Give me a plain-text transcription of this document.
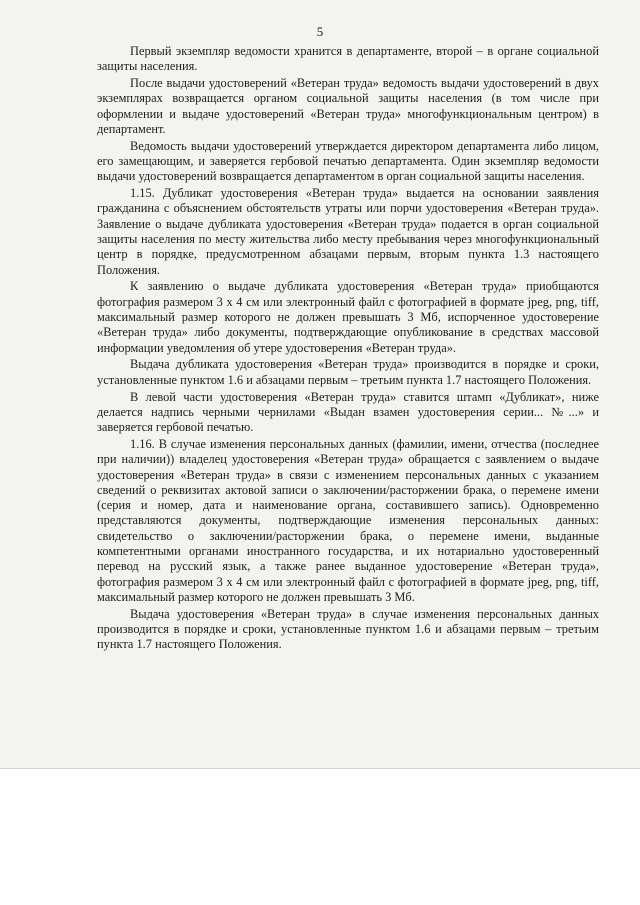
5

Первый экземпляр ведомости хранится в департаменте, второй – в органе социальной защиты населения.

После выдачи удостоверений «Ветеран труда» ведомость выдачи удостоверений в двух экземплярах возвращается органом социальной защиты населения (в том числе при оформлении и выдаче удостоверений «Ветеран труда» многофункциональным центром) в департамент.

Ведомость выдачи удостоверений утверждается директором департамента либо лицом, его замещающим, и заверяется гербовой печатью департамента. Один экземпляр ведомости выдачи удостоверений возвращается департаментом в орган социальной защиты населения.

1.15. Дубликат удостоверения «Ветеран труда» выдается на основании заявления гражданина с объяснением обстоятельств утраты или порчи удостоверения «Ветеран труда». Заявление о выдаче дубликата удостоверения «Ветеран труда» подается в орган социальной защиты населения по месту жительства либо месту пребывания через многофункциональный центр в порядке, предусмотренном абзацами первым, вторым пункта 1.3 настоящего Положения.

К заявлению о выдаче дубликата удостоверения «Ветеран труда» приобщаются фотография размером 3 х 4 см или электронный файл с фотографией в формате jpeg, png, tiff, максимальный размер которого не должен превышать 3 Мб, испорченное удостоверение «Ветеран труда» либо документы, подтверждающие опубликование в средствах массовой информации уведомления об утере удостоверения «Ветеран труда».

Выдача дубликата удостоверения «Ветеран труда» производится в порядке и сроки, установленные пунктом 1.6 и абзацами первым – третьим пункта 1.7 настоящего Положения.

В левой части удостоверения «Ветеран труда» ставится штамп «Дубликат», ниже делается надпись черными чернилами «Выдан взамен удостоверения серии... №...» и заверяется гербовой печатью.

1.16. В случае изменения персональных данных (фамилии, имени, отчества (последнее при наличии)) владелец удостоверения «Ветеран труда» обращается с заявлением о выдаче удостоверения «Ветеран труда» в связи с изменением персональных данных с указанием сведений о реквизитах актовой записи о заключении/расторжении брака, о перемене имени (серия и номер, дата и наименование органа, составившего запись). Одновременно представляются документы, подтверждающие изменения персональных данных: свидетельство о заключении/расторжении брака, о перемене имени, выданные компетентными органами иностранного государства, и их нотариально удостоверенный перевод на русский язык, а также ранее выданное удостоверение «Ветеран труда», фотография размером 3 х 4 см или электронный файл с фотографией в формате jpeg, png, tiff, максимальный размер которого не должен превышать 3 Мб.

Выдача удостоверения «Ветеран труда» в случае изменения персональных данных производится в порядке и сроки, установленные пунктом 1.6 и абзацами первым – третьим пункта 1.7 настоящего Положения.
